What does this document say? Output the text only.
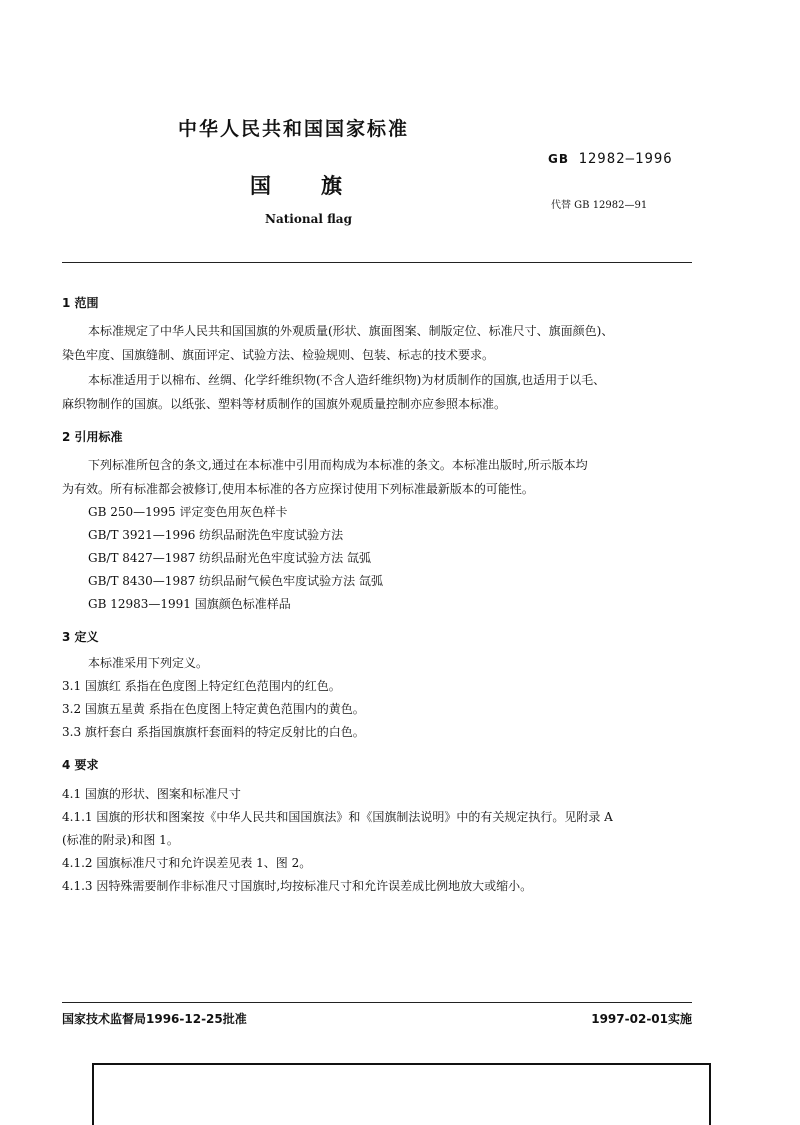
中华人民共和国国家标准
国旗
National flag
GB 12982—1996
代替 GB 12982—91
1 范围
本标准规定了中华人民共和国国旗的外观质量(形状、旗面图案、制版定位、标准尺寸、旗面颜色)、
染色牢度、国旗缝制、旗面评定、试验方法、检验规则、包装、标志的技术要求。
本标准适用于以棉布、丝绸、化学纤维织物(不含人造纤维织物)为材质制作的国旗,也适用于以毛、
麻织物制作的国旗。以纸张、塑料等材质制作的国旗外观质量控制亦应参照本标准。
2 引用标准
下列标准所包含的条文,通过在本标准中引用而构成为本标准的条文。本标准出版时,所示版本均
为有效。所有标准都会被修订,使用本标准的各方应探讨使用下列标准最新版本的可能性。
GB 250—1995 评定变色用灰色样卡
GB/T 3921—1996 纺织品耐洗色牢度试验方法
GB/T 8427—1987 纺织品耐光色牢度试验方法 氙弧
GB/T 8430—1987 纺织品耐气候色牢度试验方法 氙弧
GB 12983—1991 国旗颜色标准样品
3 定义
本标准采用下列定义。
3.1 国旗红 系指在色度图上特定红色范围内的红色。
3.2 国旗五星黄 系指在色度图上特定黄色范围内的黄色。
3.3 旗杆套白 系指国旗旗杆套面料的特定反射比的白色。
4 要求
4.1 国旗的形状、图案和标准尺寸
4.1.1 国旗的形状和图案按《中华人民共和国国旗法》和《国旗制法说明》中的有关规定执行。见附录 A
(标准的附录)和图 1。
4.1.2 国旗标准尺寸和允许误差见表 1、图 2。
4.1.3 因特殊需要制作非标准尺寸国旗时,均按标准尺寸和允许误差成比例地放大或缩小。
国家技术监督局1996-12-25批准	1997-02-01实施
